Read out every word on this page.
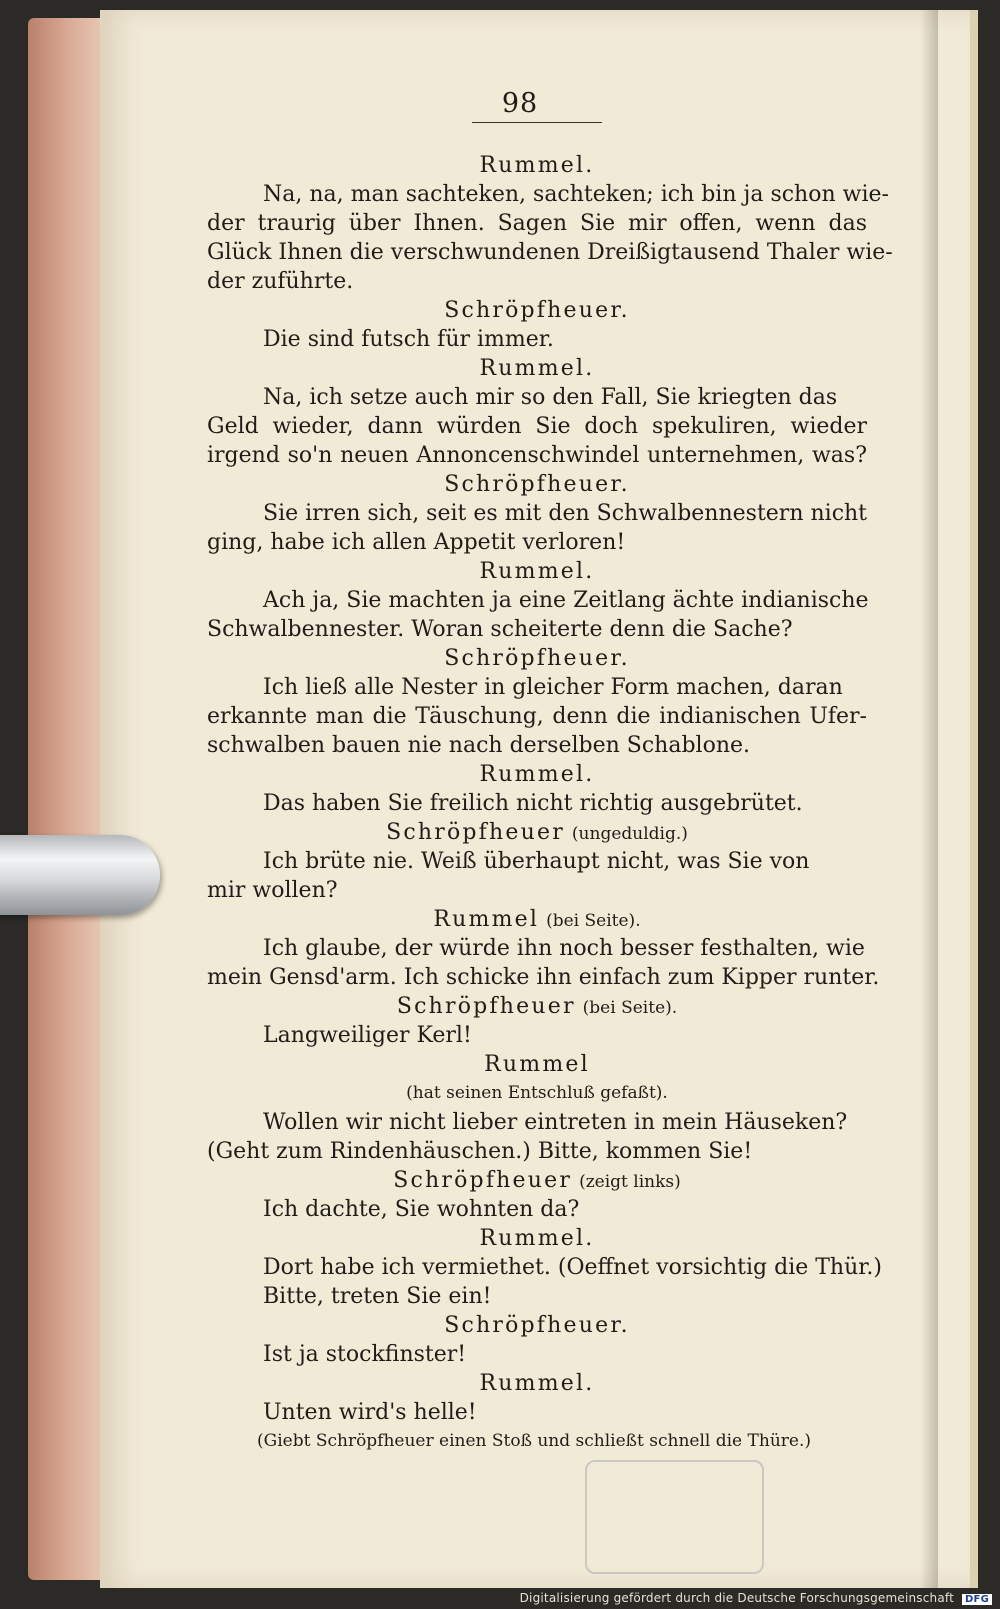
98
Rummel.
Na, na, man sachteken, sachteken; ich bin ja schon wie-
der traurig über Ihnen. Sagen Sie mir offen, wenn das
Glück Ihnen die verschwundenen Dreißigtausend Thaler wie-
der zuführte.
Schröpfheuer.
Die sind futsch für immer.
Rummel.
Na, ich setze auch mir so den Fall, Sie kriegten das
Geld wieder, dann würden Sie doch spekuliren, wieder
irgend so'n neuen Annoncenschwindel unternehmen, was?
Schröpfheuer.
Sie irren sich, seit es mit den Schwalbennestern nicht
ging, habe ich allen Appetit verloren!
Rummel.
Ach ja, Sie machten ja eine Zeitlang ächte indianische
Schwalbennester. Woran scheiterte denn die Sache?
Schröpfheuer.
Ich ließ alle Nester in gleicher Form machen, daran
erkannte man die Täuschung, denn die indianischen Ufer-
schwalben bauen nie nach derselben Schablone.
Rummel.
Das haben Sie freilich nicht richtig ausgebrütet.
Schröpfheuer (ungeduldig.)
Ich brüte nie. Weiß überhaupt nicht, was Sie von
mir wollen?
Rummel (bei Seite).
Ich glaube, der würde ihn noch besser festhalten, wie
mein Gensd'arm. Ich schicke ihn einfach zum Kipper runter.
Schröpfheuer (bei Seite).
Langweiliger Kerl!
Rummel
(hat seinen Entschluß gefaßt).
Wollen wir nicht lieber eintreten in mein Häuseken?
(Geht zum Rindenhäuschen.) Bitte, kommen Sie!
Schröpfheuer (zeigt links)
Ich dachte, Sie wohnten da?
Rummel.
Dort habe ich vermiethet. (Oeffnet vorsichtig die Thür.)
Bitte, treten Sie ein!
Schröpfheuer.
Ist ja stockfinster!
Rummel.
Unten wird's helle!
(Giebt Schröpfheuer einen Stoß und schließt schnell die Thüre.)
Digitalisierung gefördert durch die Deutsche Forschungsgemeinschaft DFG
